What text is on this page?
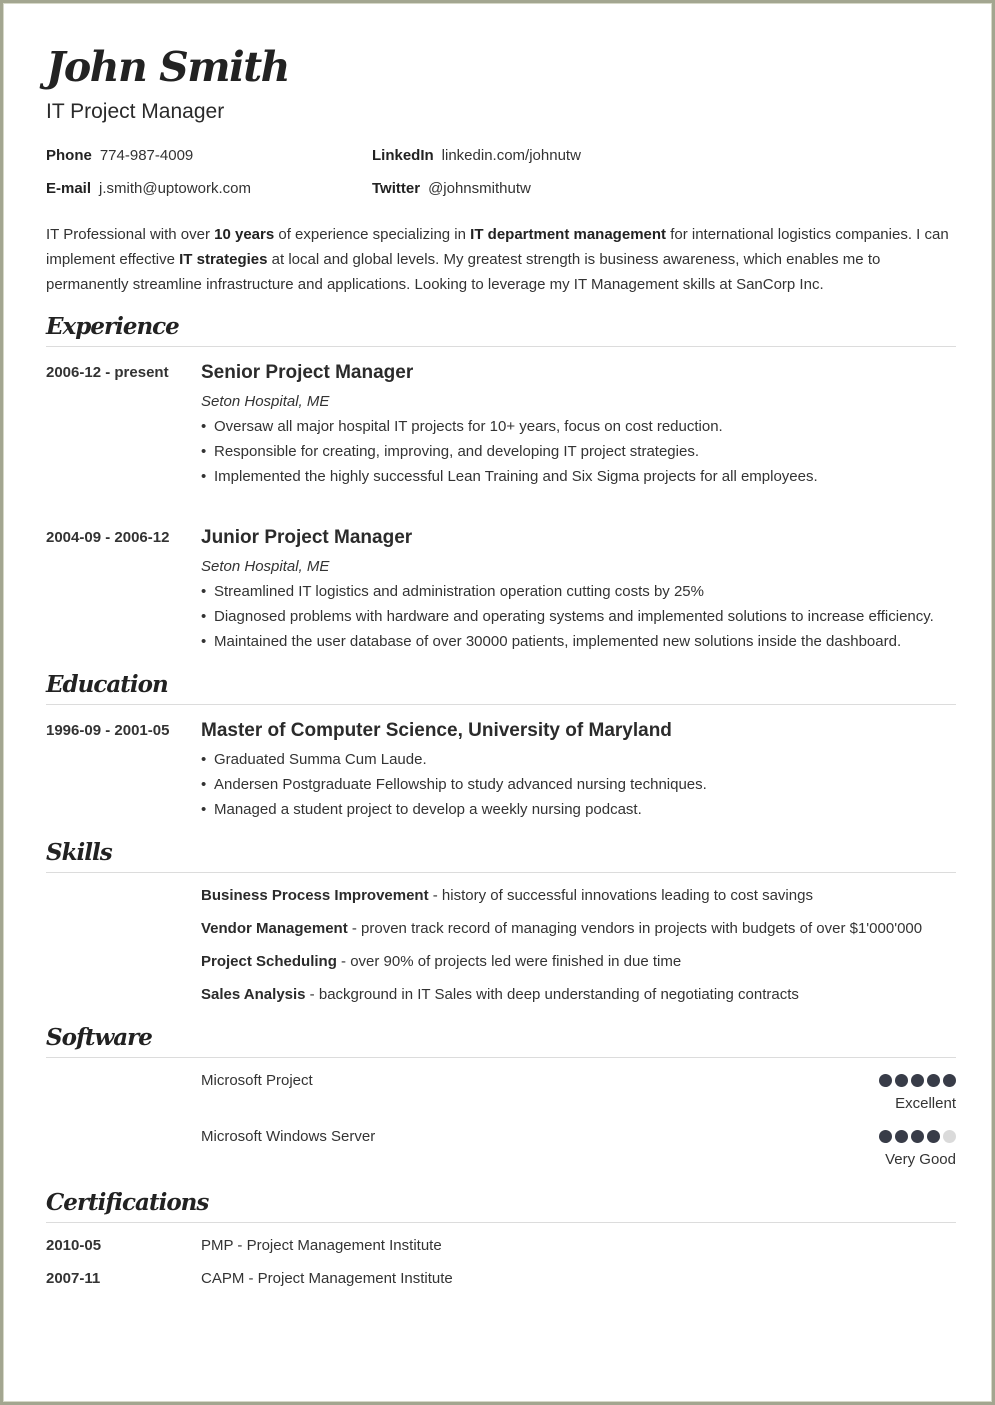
John Smith
IT Project Manager
Phone 774-987-4009	LinkedIn linkedin.com/johnutw
E-mail j.smith@uptowork.com	Twitter @johnsmithutw

IT Professional with over 10 years of experience specializing in IT department management for international logistics companies. I can implement effective IT strategies at local and global levels. My greatest strength is business awareness, which enables me to permanently streamline infrastructure and applications. Looking to leverage my IT Management skills at SanCorp Inc.

Experience
2006-12 - present Senior Project Manager
Seton Hospital, ME
• Oversaw all major hospital IT projects for 10+ years, focus on cost reduction.
• Responsible for creating, improving, and developing IT project strategies.
• Implemented the highly successful Lean Training and Six Sigma projects for all employees.
2004-09 - 2006-12 Junior Project Manager
Seton Hospital, ME
• Streamlined IT logistics and administration operation cutting costs by 25%
• Diagnosed problems with hardware and operating systems and implemented solutions to increase efficiency.
• Maintained the user database of over 30000 patients, implemented new solutions inside the dashboard.
Education
1996-09 - 2001-05 Master of Computer Science, University of Maryland
• Graduated Summa Cum Laude.
• Andersen Postgraduate Fellowship to study advanced nursing techniques.
• Managed a student project to develop a weekly nursing podcast.
Skills
Business Process Improvement - history of successful innovations leading to cost savings
Vendor Management - proven track record of managing vendors in projects with budgets of over $1'000'000
Project Scheduling - over 90% of projects led were finished in due time
Sales Analysis - background in IT Sales with deep understanding of negotiating contracts
Software
Microsoft Project
Excellent
Microsoft Windows Server
Very Good
Certifications
2010-05	PMP - Project Management Institute
2007-11	CAPM - Project Management Institute
